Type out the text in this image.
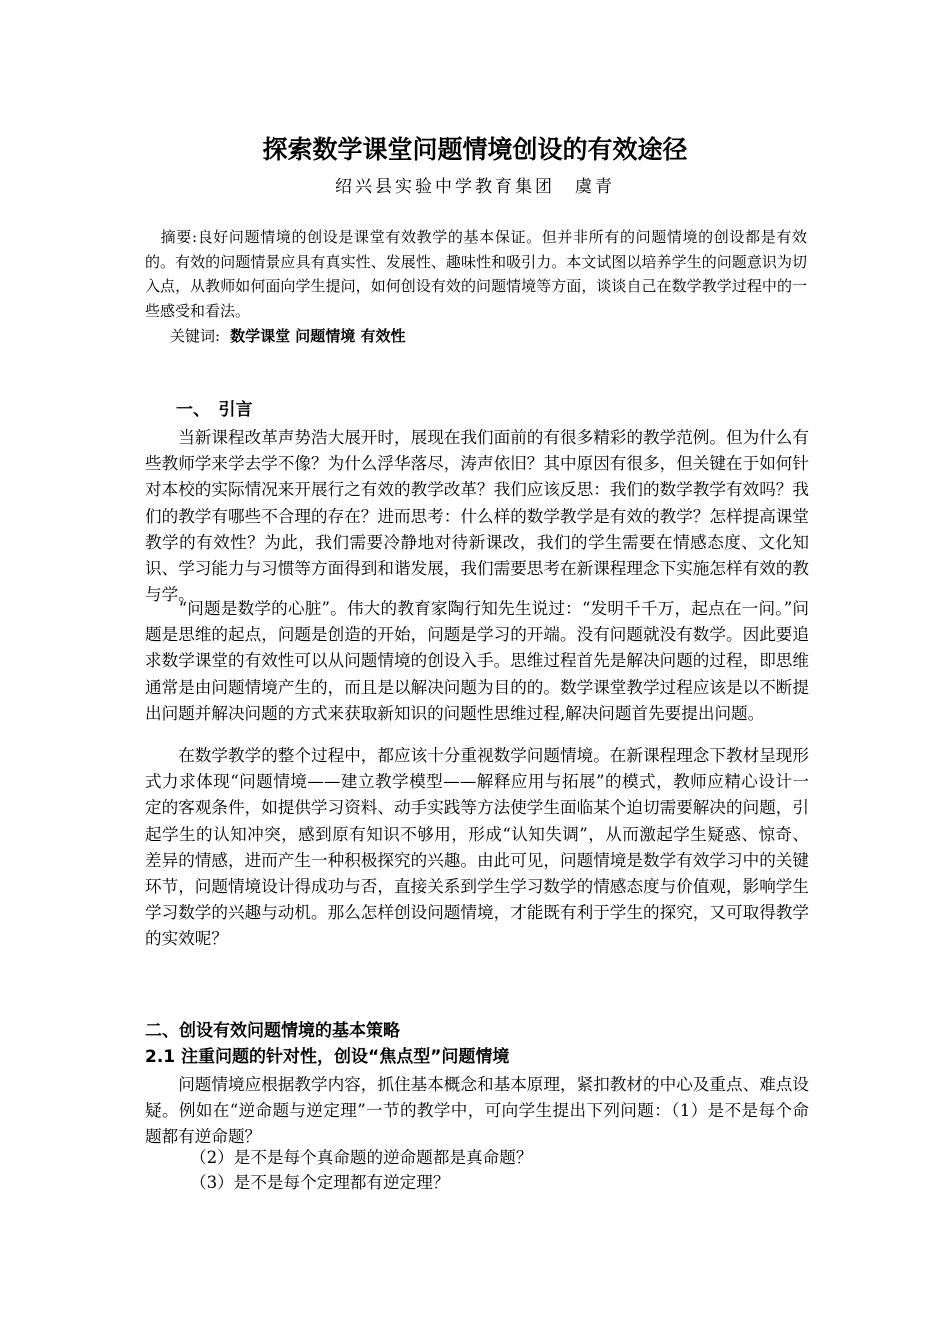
探索数学课堂问题情境创设的有效途径
绍兴县实验中学教育集团　虞青

　摘要:良好问题情境的创设是课堂有效教学的基本保证。但并非所有的问题情境的创设都是有效的。有效的问题情景应具有真实性、发展性、趣味性和吸引力。本文试图以培养学生的问题意识为切入点，从教师如何面向学生提问，如何创设有效的问题情境等方面，谈谈自己在数学教学过程中的一些感受和看法。

关键词: 数学课堂 问题情境 有效性
一、　引言

　　当新课程改革声势浩大展开时，展现在我们面前的有很多精彩的教学范例。但为什么有些教师学来学去学不像？为什么浮华落尽，涛声依旧？其中原因有很多，但关键在于如何针对本校的实际情况来开展行之有效的教学改革？我们应该反思：我们的数学教学有效吗？我们的教学有哪些不合理的存在？进而思考：什么样的数学教学是有效的教学？怎样提高课堂教学的有效性？为此，我们需要冷静地对待新课改，我们的学生需要在情感态度、文化知识、学习能力与习惯等方面得到和谐发展，我们需要思考在新课程理念下实施怎样有效的教与学。

　　“问题是数学的心脏”。伟大的教育家陶行知先生说过：“发明千千万，起点在一问。”问题是思维的起点，问题是创造的开始，问题是学习的开端。没有问题就没有数学。因此要追求数学课堂的有效性可以从问题情境的创设入手。思维过程首先是解决问题的过程，即思维通常是由问题情境产生的，而且是以解决问题为目的的。数学课堂教学过程应该是以不断提出问题并解决问题的方式来获取新知识的问题性思维过程,解决问题首先要提出问题。

　　在数学教学的整个过程中，都应该十分重视数学问题情境。在新课程理念下教材呈现形式力求体现“问题情境——建立教学模型——解释应用与拓展”的模式，教师应精心设计一定的客观条件，如提供学习资料、动手实践等方法使学生面临某个迫切需要解决的问题，引起学生的认知冲突，感到原有知识不够用，形成“认知失调”，从而激起学生疑惑、惊奇、差异的情感，进而产生一种积极探究的兴趣。由此可见，问题情境是数学有效学习中的关键环节，问题情境设计得成功与否，直接关系到学生学习数学的情感态度与价值观，影响学生学习数学的兴趣与动机。那么怎样创设问题情境，才能既有利于学生的探究，又可取得教学的实效呢？

二、创设有效问题情境的基本策略
2.1 注重问题的针对性，创设“焦点型”问题情境

　　问题情境应根据教学内容，抓住基本概念和基本原理，紧扣教材的中心及重点、难点设疑。例如在“逆命题与逆定理”一节的教学中，可向学生提出下列问题：（1）是不是每个命题都有逆命题？

（2）是不是每个真命题的逆命题都是真命题？
（3）是不是每个定理都有逆定理？
